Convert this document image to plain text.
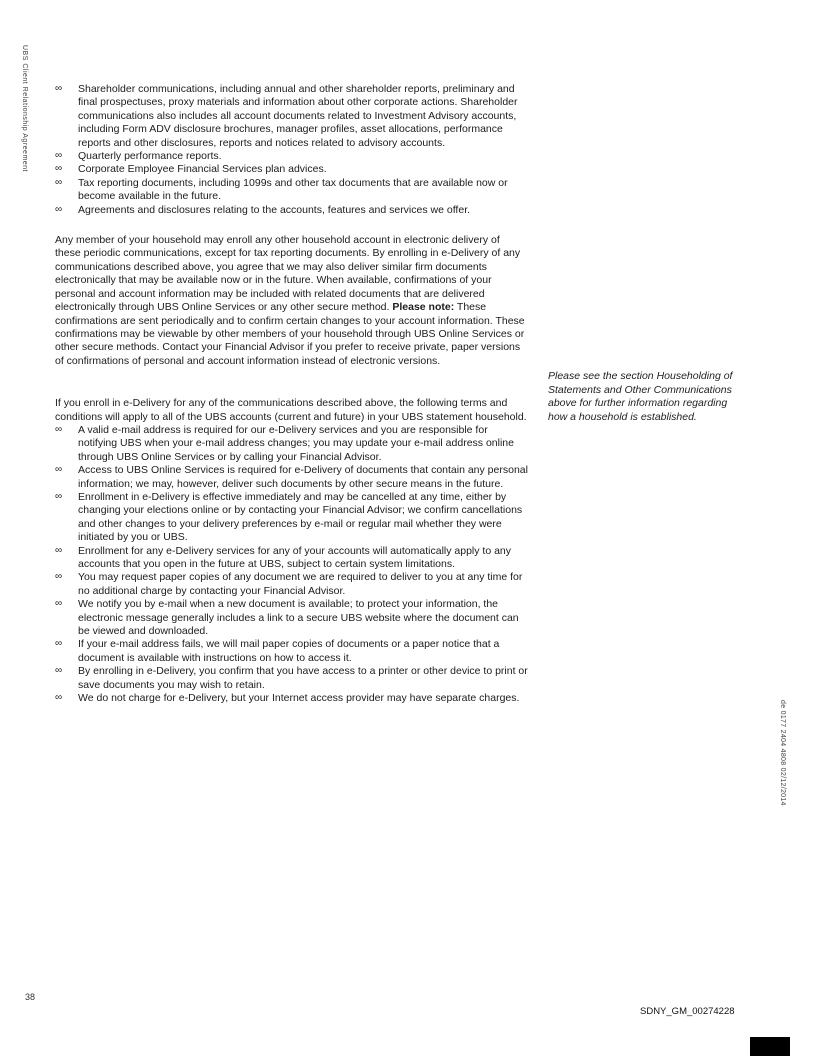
UBS Client Relationship Agreement	∞ Shareholder communications, including annual and other shareholder reports, preliminary and final prospectuses, proxy materials and information about other corporate actions. Shareholder communications also includes all account documents related to Investment Advisory accounts, including Form ADV disclosure brochures, manager profiles, asset allocations, performance reports and other disclosures, reports and notices related to advisory accounts.
∞ Quarterly performance reports.
∞ Corporate Employee Financial Services plan advices.
∞ Tax reporting documents, including 1099s and other tax documents that are available now or become available in the future.
∞ Agreements and disclosures relating to the accounts, features and services we offer.

Any member of your household may enroll any other household account in electronic delivery of these periodic communications, except for tax reporting documents. By enrolling in e-Delivery of any communications described above, you agree that we may also deliver similar firm documents electronically that may be available now or in the future. When available, confirmations of your personal and account information may be included with related documents that are delivered electronically through UBS Online Services or any other secure method. Please note: These confirmations are sent periodically and to confirm certain changes to your account information. These confirmations may be viewable by other members of your household through UBS Online Services or other secure methods. Contact your Financial Advisor if you prefer to receive private, paper versions of confirmations of personal and account information instead of electronic versions.

If you enroll in e-Delivery for any of the communications described above, the following terms and conditions will apply to all of the UBS accounts (current and future) in your UBS statement household.

∞ A valid e-mail address is required for our e-Delivery services and you are responsible for notifying UBS when your e-mail address changes; you may update your e-mail address online through UBS Online Services or by calling your Financial Advisor.
∞ Access to UBS Online Services is required for e-Delivery of documents that contain any personal information; we may, however, deliver such documents by other secure means in the future.
∞ Enrollment in e-Delivery is effective immediately and may be cancelled at any time, either by changing your elections online or by contacting your Financial Advisor; we confirm cancellations and other changes to your delivery preferences by e-mail or regular mail whether they were initiated by you or UBS.
∞ Enrollment for any e-Delivery services for any of your accounts will automatically apply to any accounts that you open in the future at UBS, subject to certain system limitations.
∞ You may request paper copies of any document we are required to deliver to you at any time for no additional charge by contacting your Financial Advisor.
∞ We notify you by e-mail when a new document is available; to protect your information, the electronic message generally includes a link to a secure UBS website where the document can be viewed and downloaded.
∞ If your e-mail address fails, we will mail paper copies of documents or a paper notice that a document is available with instructions on how to access it.
∞ By enrolling in e-Delivery, you confirm that you have access to a printer or other device to print or save documents you may wish to retain.
∞ We do not charge for e-Delivery, but your Internet access provider may have separate charges.
Please see the section Householding of Statements and Other Communications above for further information regarding how a household is established.
de 0177 2404 4808 02/12/2014
38
SDNY_GM_00274228
